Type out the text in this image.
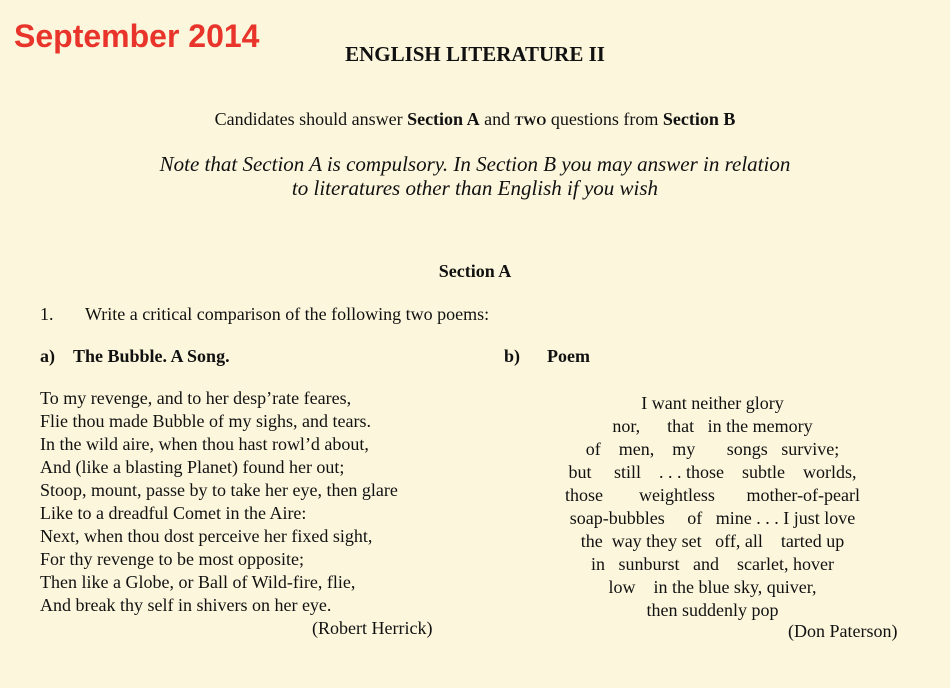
September 2014	ENGLISH LITERATURE II
Candidates should answer Section A and two questions from Section B
Note that Section A is compulsory. In Section B you may answer in relation
to literatures other than English if you wish
Section A
1. Write a critical comparison of the following two poems:
a) The Bubble. A Song.	b) Poem
To my revenge, and to her desp’rate feares,
Flie thou made Bubble of my sighs, and tears.
In the wild aire, when thou hast rowl’d about,
And (like a blasting Planet) found her out;
Stoop, mount, passe by to take her eye, then glare
Like to a dreadful Comet in the Aire:
Next, when thou dost perceive her fixed sight,
For thy revenge to be most opposite;
Then like a Globe, or Ball of Wild-fire, flie,
And break thy self in shivers on her eye.
(Robert Herrick)
I want neither glory
nor,      that   in the memory
of    men,    my       songs   survive;
but     still    . . . those    subtle    worlds,
those        weightless       mother-of-pearl
soap-bubbles     of   mine . . . I just love
the  way they set   off, all    tarted up
in   sunburst   and    scarlet, hover
low    in the blue sky, quiver,
then suddenly pop
(Don Paterson)
